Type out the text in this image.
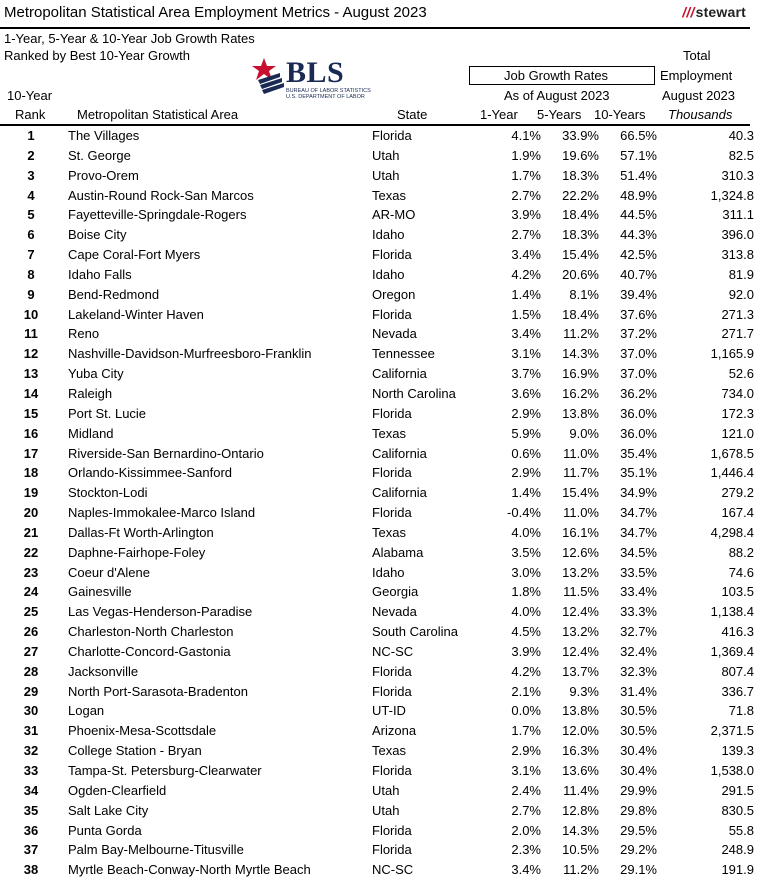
Metropolitan Statistical Area Employment Metrics - August 2023	///stewart
1-Year, 5-Year & 10-Year Job Growth Rates
Ranked by Best 10-Year Growth
BLS
BUREAU OF LABOR STATISTICS
U.S. DEPARTMENT OF LABOR
Total
Employment
August 2023
Job Growth Rates
As of August 2023
10-Year
Rank Metropolitan Statistical Area	State	1-Year 5-Years 10-Years Thousands
1	The Villages	Florida	4.1%	33.9%	66.5%	40.3
2	St. George	Utah	1.9%	19.6%	57.1%	82.5
3	Provo-Orem	Utah	1.7%	18.3%	51.4%	310.3
4	Austin-Round Rock-San Marcos	Texas	2.7%	22.2%	48.9%	1,324.8
5	Fayetteville-Springdale-Rogers	AR-MO	3.9%	18.4%	44.5%	311.1
6	Boise City	Idaho	2.7%	18.3%	44.3%	396.0
7	Cape Coral-Fort Myers	Florida	3.4%	15.4%	42.5%	313.8
8	Idaho Falls	Idaho	4.2%	20.6%	40.7%	81.9
9	Bend-Redmond	Oregon	1.4%	8.1%	39.4%	92.0
10	Lakeland-Winter Haven	Florida	1.5%	18.4%	37.6%	271.3
11	Reno	Nevada	3.4%	11.2%	37.2%	271.7
12	Nashville-Davidson-Murfreesboro-Franklin	Tennessee	3.1%	14.3%	37.0%	1,165.9
13	Yuba City	California	3.7%	16.9%	37.0%	52.6
14	Raleigh	North Carolina	3.6%	16.2%	36.2%	734.0
15	Port St. Lucie	Florida	2.9%	13.8%	36.0%	172.3
16	Midland	Texas	5.9%	9.0%	36.0%	121.0
17	Riverside-San Bernardino-Ontario	California	0.6%	11.0%	35.4%	1,678.5
18	Orlando-Kissimmee-Sanford	Florida	2.9%	11.7%	35.1%	1,446.4
19	Stockton-Lodi	California	1.4%	15.4%	34.9%	279.2
20	Naples-Immokalee-Marco Island	Florida	-0.4%	11.0%	34.7%	167.4
21	Dallas-Ft Worth-Arlington	Texas	4.0%	16.1%	34.7%	4,298.4
22	Daphne-Fairhope-Foley	Alabama	3.5%	12.6%	34.5%	88.2
23	Coeur d'Alene	Idaho	3.0%	13.2%	33.5%	74.6
24	Gainesville	Georgia	1.8%	11.5%	33.4%	103.5
25	Las Vegas-Henderson-Paradise	Nevada	4.0%	12.4%	33.3%	1,138.4
26	Charleston-North Charleston	South Carolina	4.5%	13.2%	32.7%	416.3
27	Charlotte-Concord-Gastonia	NC-SC	3.9%	12.4%	32.4%	1,369.4
28	Jacksonville	Florida	4.2%	13.7%	32.3%	807.4
29	North Port-Sarasota-Bradenton	Florida	2.1%	9.3%	31.4%	336.7
30	Logan	UT-ID	0.0%	13.8%	30.5%	71.8
31	Phoenix-Mesa-Scottsdale	Arizona	1.7%	12.0%	30.5%	2,371.5
32	College Station - Bryan	Texas	2.9%	16.3%	30.4%	139.3
33	Tampa-St. Petersburg-Clearwater	Florida	3.1%	13.6%	30.4%	1,538.0
34	Ogden-Clearfield	Utah	2.4%	11.4%	29.9%	291.5
35	Salt Lake City	Utah	2.7%	12.8%	29.8%	830.5
36	Punta Gorda	Florida	2.0%	14.3%	29.5%	55.8
37	Palm Bay-Melbourne-Titusville	Florida	2.3%	10.5%	29.2%	248.9
38	Myrtle Beach-Conway-North Myrtle Beach	NC-SC	3.4%	11.2%	29.1%	191.9
